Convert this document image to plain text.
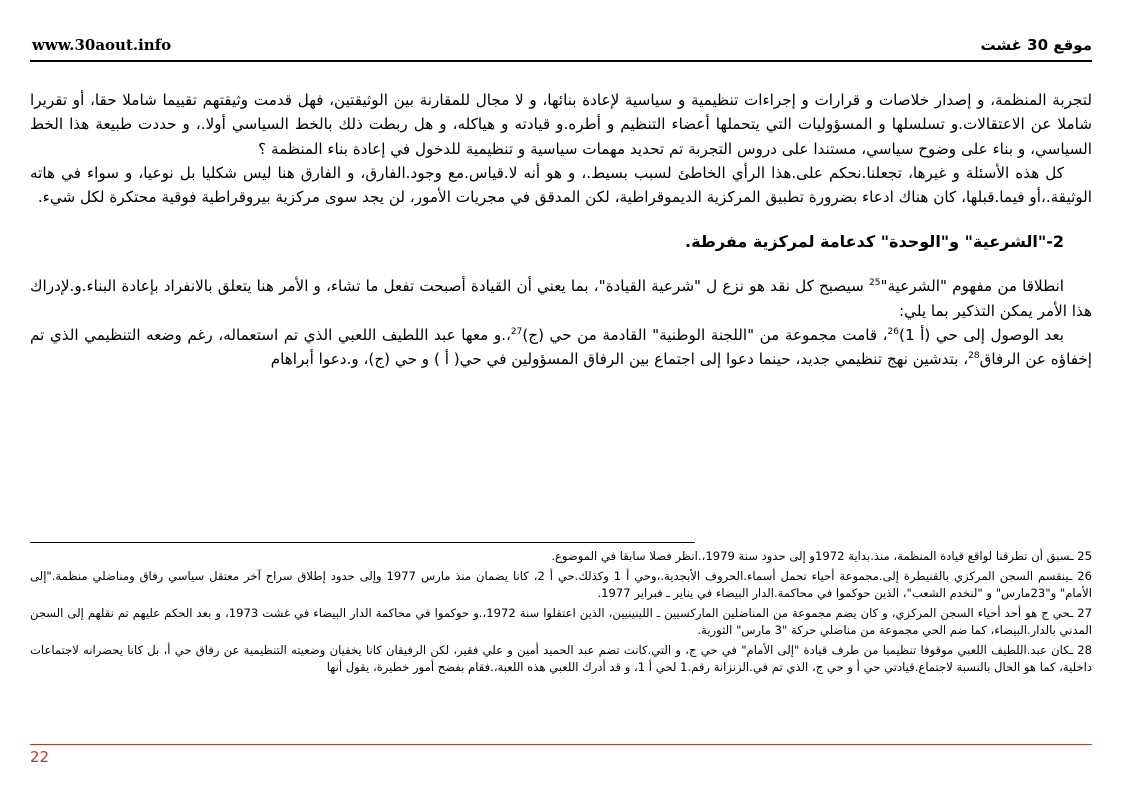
www.30aout.info	موقع 30 غشت

لتجربة المنظمة، و إصدار خلاصات و قرارات و إجراءات تنظيمية و سياسية لإعادة بنائها، و لا مجال للمقارنة بين الوثيقتين، فهل قدمت وثيقتهم تقييما شاملا حقا، أو تقريرا شاملا عن الاعتقالات.و تسلسلها و المسؤوليات التي يتحملها أعضاء التنظيم و أطره.و قيادته و هياكله، و هل ربطت ذلك بالخط السياسي أولا.، و حددت طبيعة هذا الخط السياسي، و بناء على وضوح سياسي، مستندا على دروس التجربة تم تحديد مهمات سياسية و تنظيمية للدخول في إعادة بناء المنظمة ؟

كل هذه الأسئلة و غيرها، تجعلنا.نحكم على.هذا الرأي الخاطئ لسبب بسيط.، و هو أنه لا.قياس.مع وجود.الفارق، و الفارق هنا ليس شكليا بل نوعيا، و سواء في هاته الوثيقة.،أو فيما.قبلها، كان هناك ادعاء بضرورة تطبيق المركزية الديموقراطية، لكن المدقق في مجريات الأمور، لن يجد سوى مركزية بيروقراطية فوقية محتكرة لكل شيء.

2-"الشرعية" و"الوحدة" كدعامة لمركزية مفرطة.

انطلاقا من مفهوم "الشرعية"$^{25}$ سيصبح كل نقد هو نزع ل "شرعية القيادة"، بما يعني أن القيادة أصبحت تفعل ما تشاء، و الأمر هنا يتعلق بالانفراد بإعادة البناء.و.لإدراك هذا الأمر يمكن التذكير بما يلي:

بعد الوصول إلى حي (أ 1)$^{26}$، قامت مجموعة من "اللجنة الوطنية" القادمة من حي (ج)$^{27}$،.و معها عبد اللطيف اللعبي الذي تم استعماله، رغم وضعه التنظيمي الذي تم إخفاؤه عن الرفاق$^{28}$، بتدشين نهج تنظيمي جديد، حينما دعوا إلى اجتماع بين الرفاق المسؤولين في حي( أ ) و حي (ج)، و.دعوا أبراهام

25 ـسبق أن تطرقنا لواقع قيادة المنظمة، منذ.بداية 1972و إلى حدود سنة 1979،.انظر فصلا سابقا في الموضوع.

26 ـينقسم السجن المركزي بالقنيطرة إلى.مجموعة أحياء تحمل أسماء.الحروف الأبجدية.،وحي أ 1 وكذلك.حي أ 2، كانا يضمان منذ مارس 1977 وإلى حدود إطلاق سراح آخر معتقل سياسي رفاق ومناضلي منظمة."إلى الأمام" و"23مارس" و "لنخدم الشعب"، الذين حوكموا في محاكمة.الدار البيضاء في يناير ـ فبراير 1977.

27 ـحي ج هو أحد أحياء السجن المركزي، و كان يضم مجموعة من المناضلين الماركسيين ـ اللينينيين، الذين اعتقلوا سنة 1972،.و حوكموا في محاكمة الدار البيضاء في غشت 1973، و بعد الحكم عليهم تم نقلهم إلى السجن المدني بالدار.البيضاء، كما ضم الحي مجموعة من مناضلي حركة "3 مارس" الثورية.

28 ـكان عبد.اللطيف اللعبي موقوفا تنظيميا من طرف قيادة "إلى الأمام" في حي ج، و التي.كانت تضم عبد الحميد أمين و علي فقير، لكن الرفيقان كانا يخفيان وضعيته التنظيمية عن رفاق حي أ، بل كانا يحضرانه لاجتماعات داخلية، كما هو الحال بالنسبة لاجتماع.قيادتي حي أ و حي ج، الذي تم في.الزنزانة رقم.1 لحي أ 1، و قد أدرك اللعبي هذه اللعبة،.فقام بفضح أمور خطيرة، يقول أنها

22
